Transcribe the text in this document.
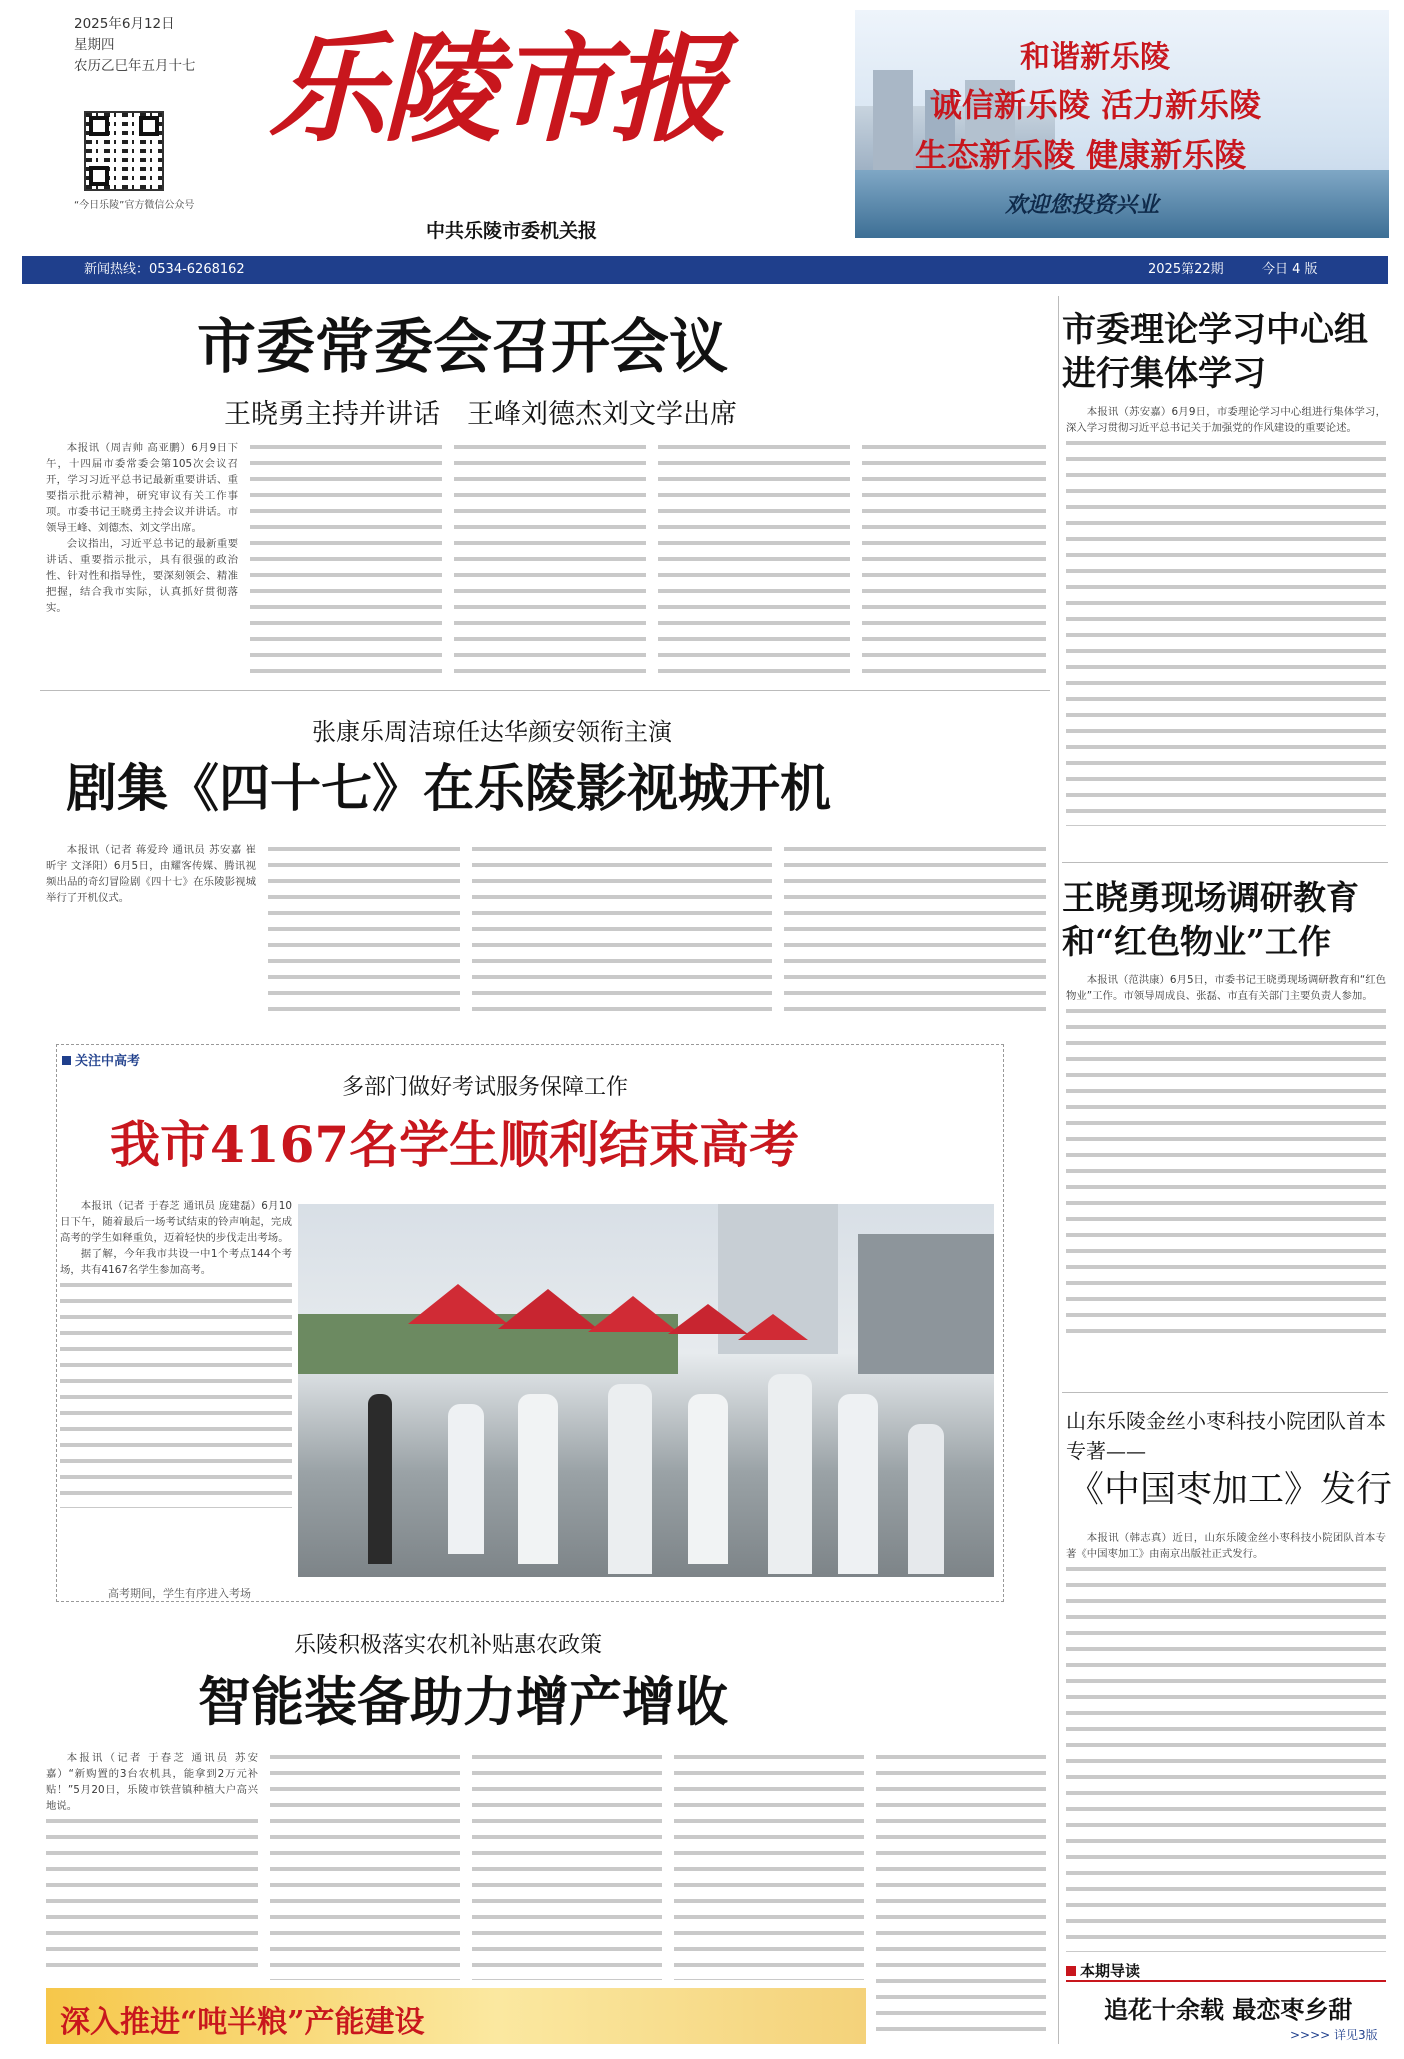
2025年6月12日
星期四
农历乙巳年五月十七
“今日乐陵”官方微信公众号
乐陵市报
中共乐陵市委机关报
和谐新乐陵
诚信新乐陵 活力新乐陵
生态新乐陵 健康新乐陵
欢迎您投资兴业
新闻热线：0534-6268162	2025第22期	今日 4 版
市委常委会召开会议
王晓勇主持并讲话　王峰刘德杰刘文学出席

本报讯（周吉帅 高亚鹏）6月9日下午，十四届市委常委会第105次会议召开，学习习近平总书记最新重要讲话、重要指示批示精神，研究审议有关工作事项。市委书记王晓勇主持会议并讲话。市领导王峰、刘德杰、刘文学出席。

会议指出，习近平总书记的最新重要讲话、重要指示批示，具有很强的政治性、针对性和指导性，要深刻领会、精准把握，结合我市实际，认真抓好贯彻落实。

张康乐周洁琼任达华颜安领衔主演
剧集《四十七》在乐陵影视城开机

本报讯（记者 蒋爱玲 通讯员 苏安嘉 崔昕宇 文泽阳）6月5日，由耀客传媒、腾讯视频出品的奇幻冒险剧《四十七》在乐陵影视城举行了开机仪式。

关注中高考
多部门做好考试服务保障工作
我市4167名学生顺利结束高考

本报讯（记者 于春芝 通讯员 庞建磊）6月10日下午，随着最后一场考试结束的铃声响起，完成高考的学生如释重负，迈着轻快的步伐走出考场。

据了解，今年我市共设一中1个考点144个考场，共有4167名学生参加高考。

高考期间，学生有序进入考场
乐陵积极落实农机补贴惠农政策
智能装备助力增产增收

本报讯（记者 于春芝 通讯员 苏安嘉）“新购置的3台农机具，能拿到2万元补贴！”5月20日，乐陵市铁营镇种植大户高兴地说。

深入推进“吨半粮”产能建设
市委理论学习中心组进行集体学习

本报讯（苏安嘉）6月9日，市委理论学习中心组进行集体学习，深入学习贯彻习近平总书记关于加强党的作风建设的重要论述。

王晓勇现场调研教育和“红色物业”工作

本报讯（范洪康）6月5日，市委书记王晓勇现场调研教育和“红色物业”工作。市领导周成良、张磊、市直有关部门主要负责人参加。

山东乐陵金丝小枣科技小院团队首本专著——
《中国枣加工》发行

本报讯（韩志真）近日，山东乐陵金丝小枣科技小院团队首本专著《中国枣加工》由南京出版社正式发行。

本期导读
追花十余载 最恋枣乡甜
>>>> 详见3版
